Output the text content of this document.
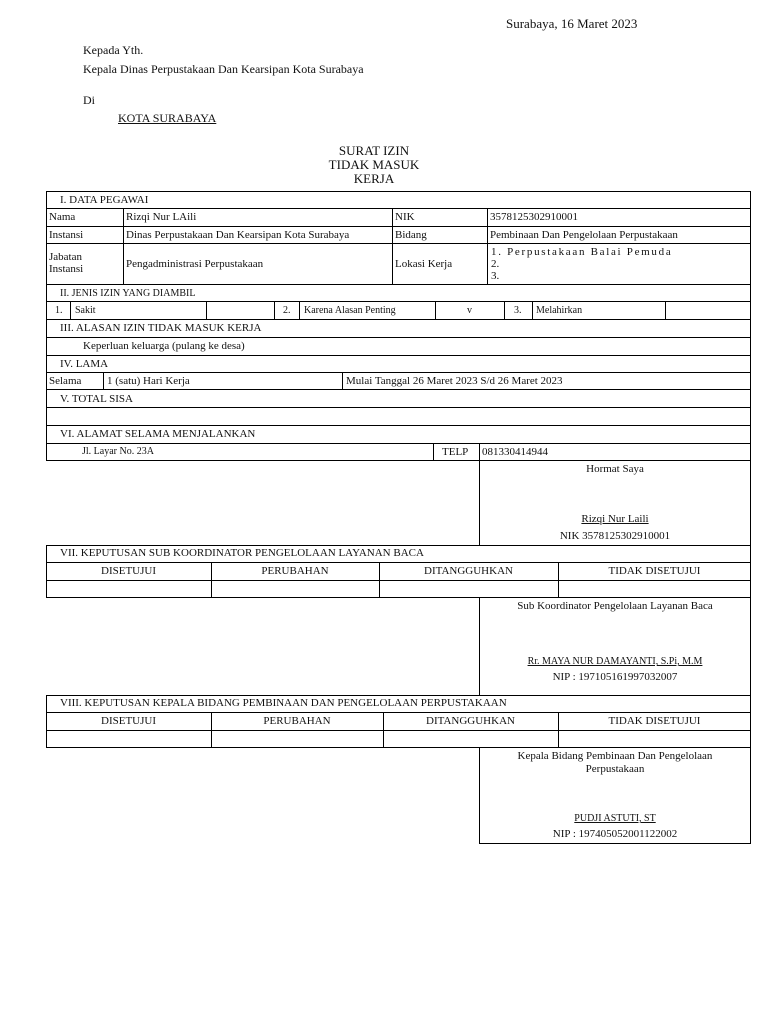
Surabaya, 16 Maret 2023
Kepada Yth.
Kepala Dinas Perpustakaan Dan Kearsipan Kota Surabaya
Di
KOTA SURABAYA
SURAT IZIN
TIDAK MASUK
KERJA
I. DATA PEGAWAI
Nama	Rizqi Nur LAili	NIK	3578125302910001
Instansi	Dinas Perpustakaan Dan Kearsipan Kota Surabaya	Bidang	Pembinaan Dan Pengelolaan Perpustakaan
Jabatan
Instansi	Pengadministrasi Perpustakaan	Lokasi Kerja
1. Perpustakaan Balai Pemuda
2.
3.
II. JENIS IZIN YANG DIAMBIL
1. Sakit	2. Karena Alasan Penting	v	3. Melahirkan
III. ALASAN IZIN TIDAK MASUK KERJA
Keperluan keluarga (pulang ke desa)
IV. LAMA
Selama 1 (satu) Hari Kerja	Mulai Tanggal 26 Maret 2023 S/d 26 Maret 2023
V. TOTAL SISA
VI. ALAMAT SELAMA MENJALANKAN
Jl. Layar No. 23A	TELP 081330414944
Hormat Saya
Rizqi Nur Laili
NIK 3578125302910001
VII. KEPUTUSAN SUB KOORDINATOR PENGELOLAAN LAYANAN BACA
DISETUJUI	PERUBAHAN	DITANGGUHKAN	TIDAK DISETUJUI
Sub Koordinator Pengelolaan Layanan Baca
Rr. MAYA NUR DAMAYANTI, S.Pi, M.M
NIP : 197105161997032007
VIII. KEPUTUSAN KEPALA BIDANG PEMBINAAN DAN PENGELOLAAN PERPUSTAKAAN
DISETUJUI	PERUBAHAN	DITANGGUHKAN	TIDAK DISETUJUI
Kepala Bidang Pembinaan Dan Pengelolaan
Perpustakaan
PUDJI ASTUTI, ST
NIP : 197405052001122002
